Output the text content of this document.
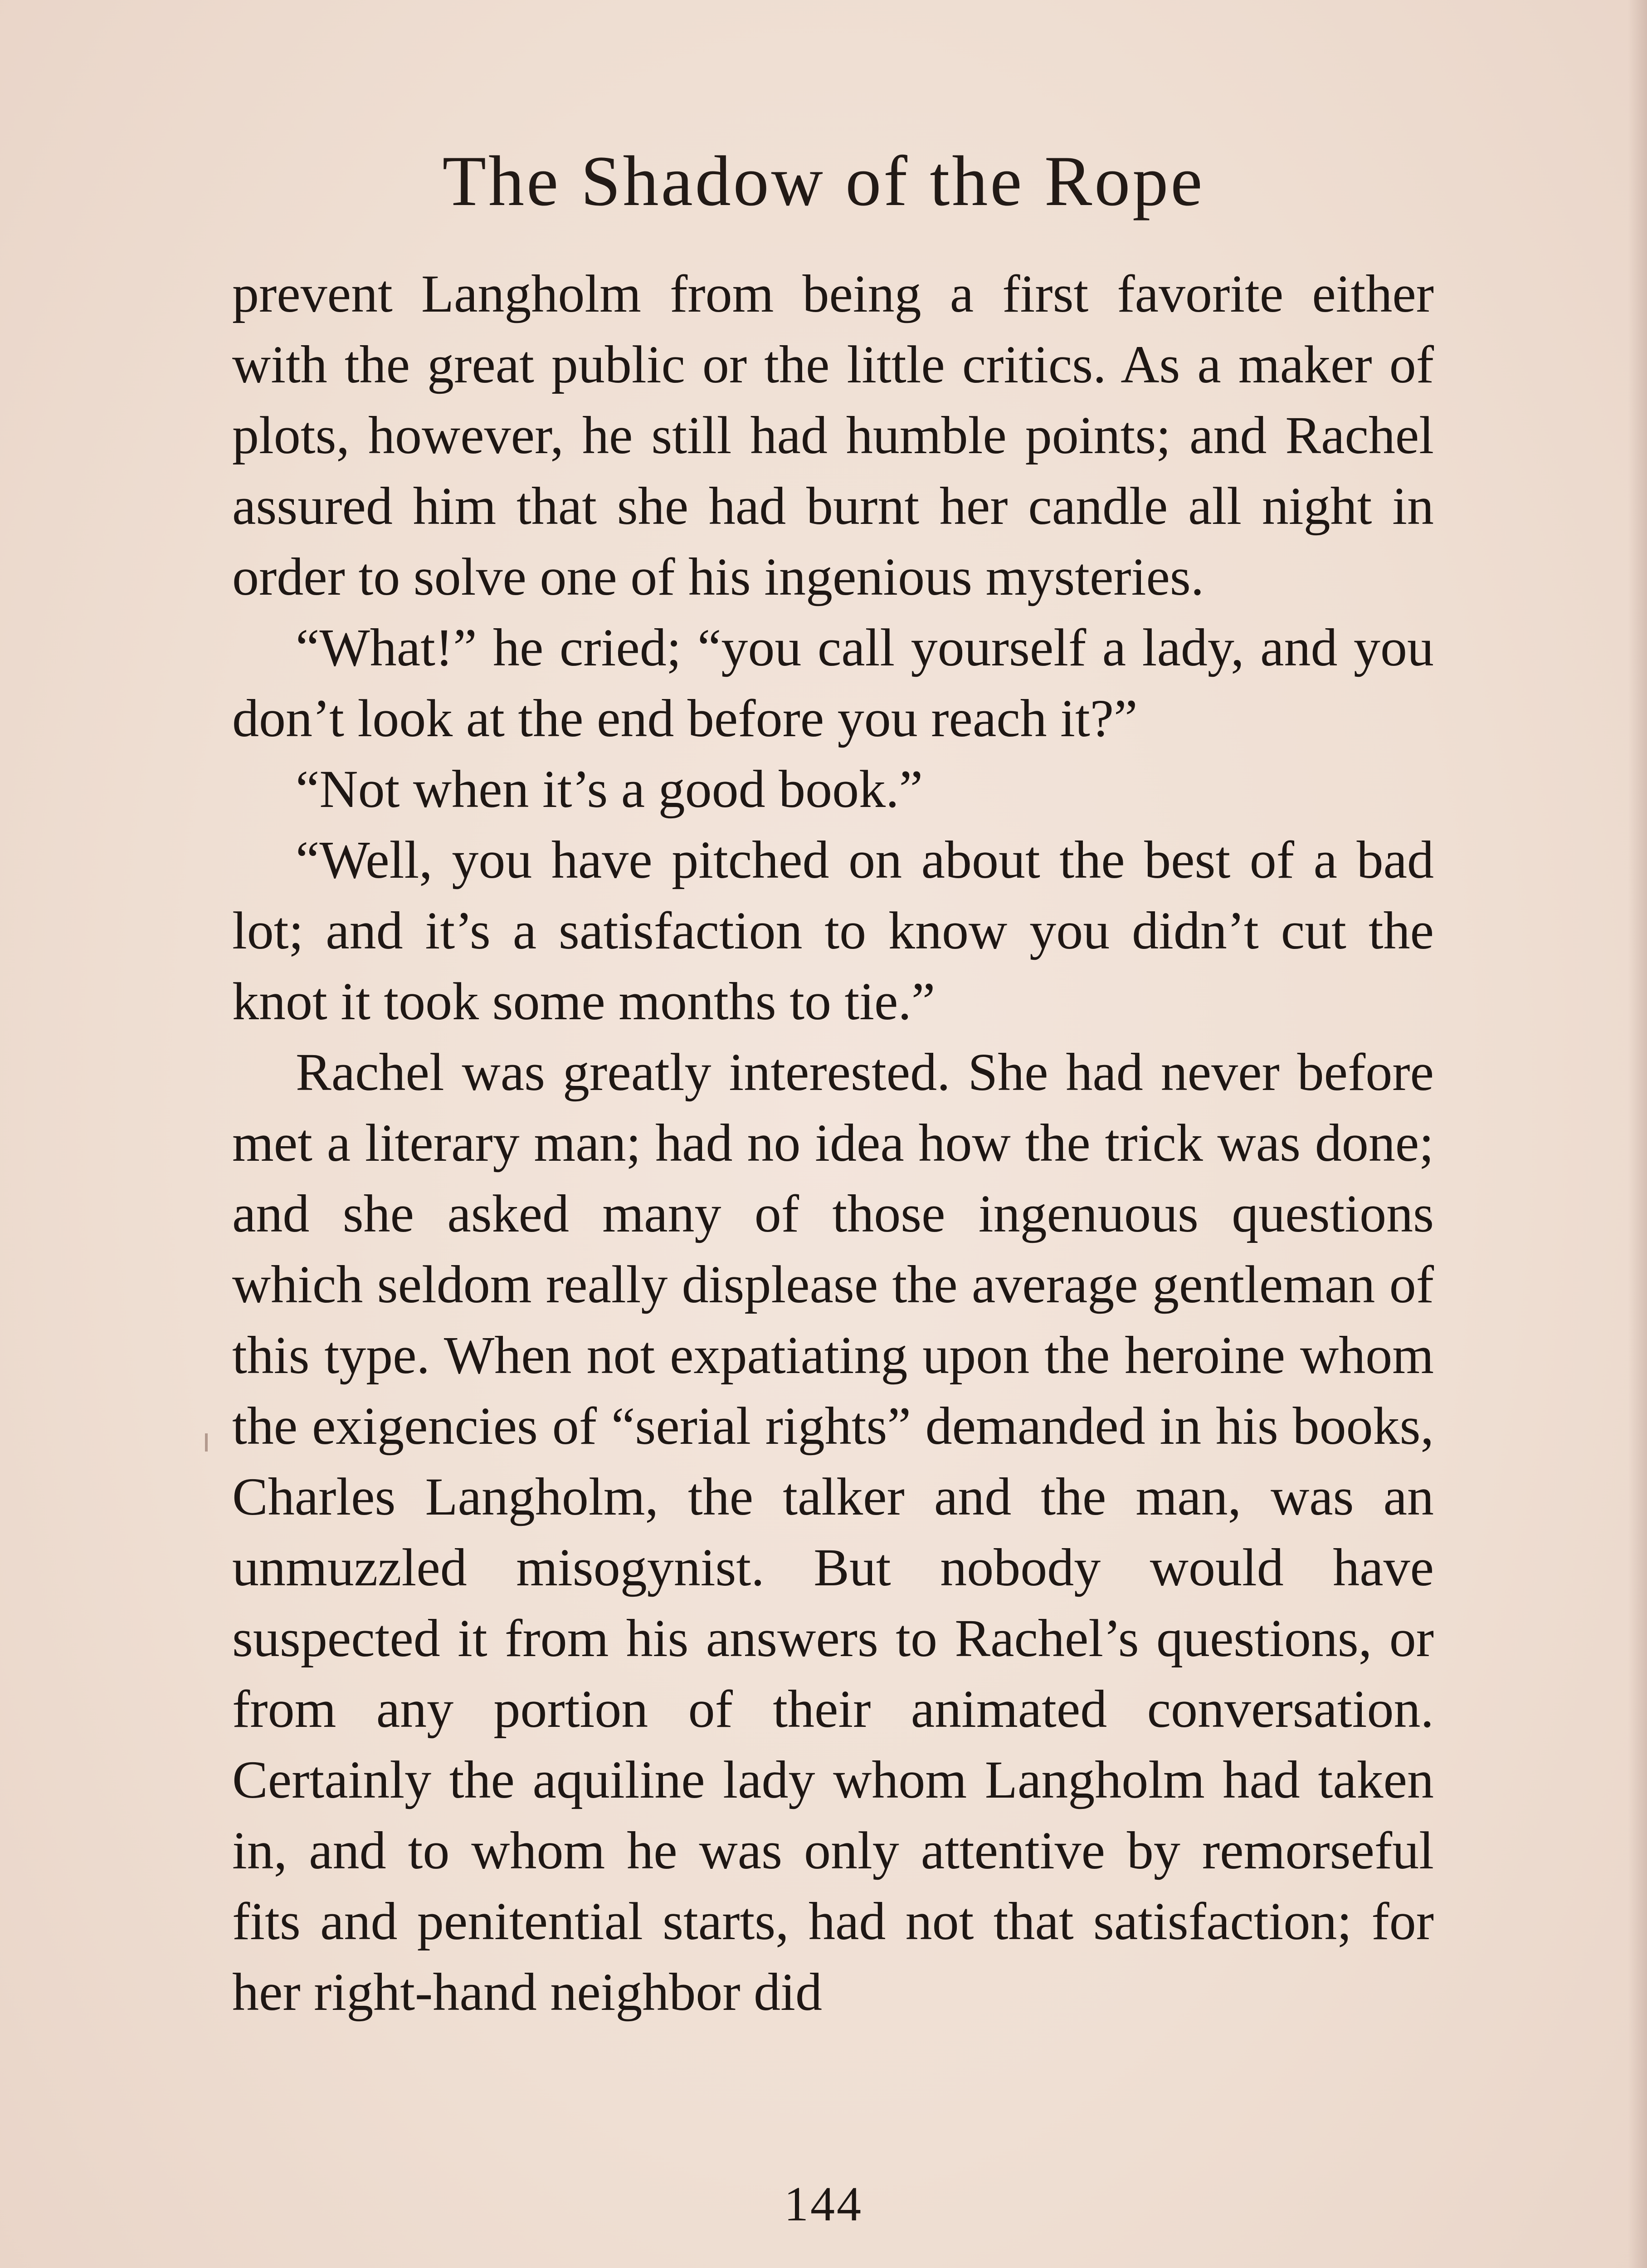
The Shadow of the Rope

prevent Langholm from being a first favorite either with the great public or the little critics. As a maker of plots, however, he still had humble points; and Rachel assured him that she had burnt her candle all night in order to solve one of his ingenious mysteries.

“What!” he cried; “you call yourself a lady, and you don’t look at the end before you reach it?”

“Not when it’s a good book.”

“Well, you have pitched on about the best of a bad lot; and it’s a satisfaction to know you didn’t cut the knot it took some months to tie.”

Rachel was greatly interested. She had never before met a literary man; had no idea how the trick was done; and she asked many of those ingenuous questions which seldom really displease the average gentleman of this type. When not expatiating upon the heroine whom the exigencies of “serial rights” demanded in his books, Charles Langholm, the talker and the man, was an unmuzzled misogynist. But nobody would have suspected it from his answers to Rachel’s questions, or from any portion of their animated conversation. Certainly the aquiline lady whom Langholm had taken in, and to whom he was only attentive by remorseful fits and penitential starts, had not that satisfaction; for her right-hand neighbor did

144
